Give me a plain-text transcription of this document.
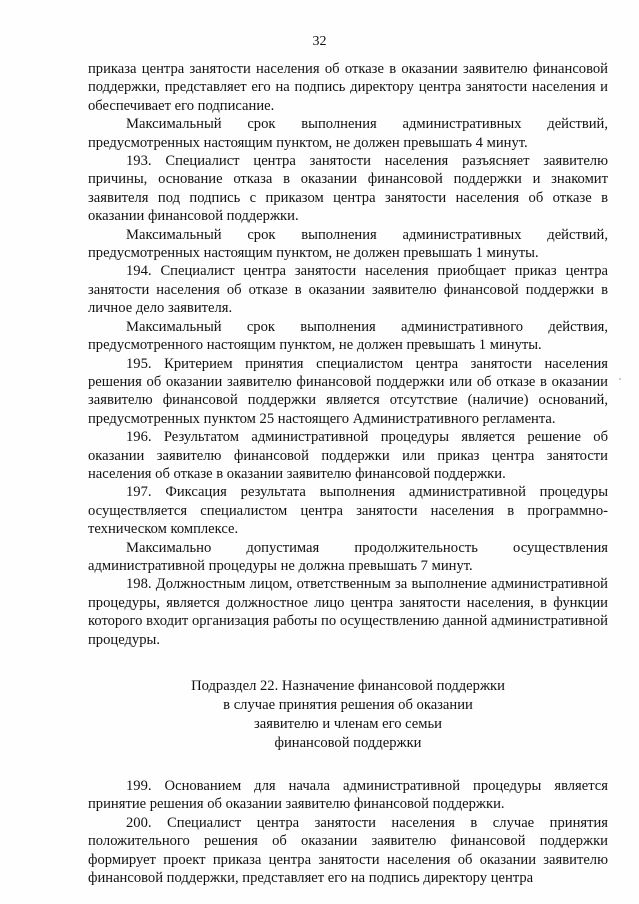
32

приказа центра занятости населения об отказе в оказании заявителю финансовой поддержки, представляет его на подпись директору центра занятости населения и обеспечивает его подписание.

Максимальный срок выполнения административных действий, предусмотренных настоящим пунктом, не должен превышать 4 минут.

193. Специалист центра занятости населения разъясняет заявителю причины, основание отказа в оказании финансовой поддержки и знакомит заявителя под подпись с приказом центра занятости населения об отказе в оказании финансовой поддержки.

Максимальный срок выполнения административных действий, предусмотренных настоящим пунктом, не должен превышать 1 минуты.

194. Специалист центра занятости населения приобщает приказ центра занятости населения об отказе в оказании заявителю финансовой поддержки в личное дело заявителя.

Максимальный срок выполнения административного действия, предусмотренного настоящим пунктом, не должен превышать 1 минуты.

195. Критерием принятия специалистом центра занятости населения решения об оказании заявителю финансовой поддержки или об отказе в оказании заявителю финансовой поддержки является отсутствие (наличие) оснований, предусмотренных пунктом 25 настоящего Административного регламента.

196. Результатом административной процедуры является решение об оказании заявителю финансовой поддержки или приказ центра занятости населения об отказе в оказании заявителю финансовой поддержки.

197. Фиксация результата выполнения административной процедуры осуществляется специалистом центра занятости населения в программно-техническом комплексе.

Максимально допустимая продолжительность осуществления административной процедуры не должна превышать 7 минут.

198. Должностным лицом, ответственным за выполнение административной процедуры, является должностное лицо центра занятости населения, в функции которого входит организация работы по осуществлению данной административной процедуры.

Подраздел 22. Назначение финансовой поддержки
в случае принятия решения об оказании
заявителю и членам его семьи
финансовой поддержки

199. Основанием для начала административной процедуры является принятие решения об оказании заявителю финансовой поддержки.

200. Специалист центра занятости населения в случае принятия положительного решения об оказании заявителю финансовой поддержки формирует проект приказа центра занятости населения об оказании заявителю финансовой поддержки, представляет его на подпись директору центра
